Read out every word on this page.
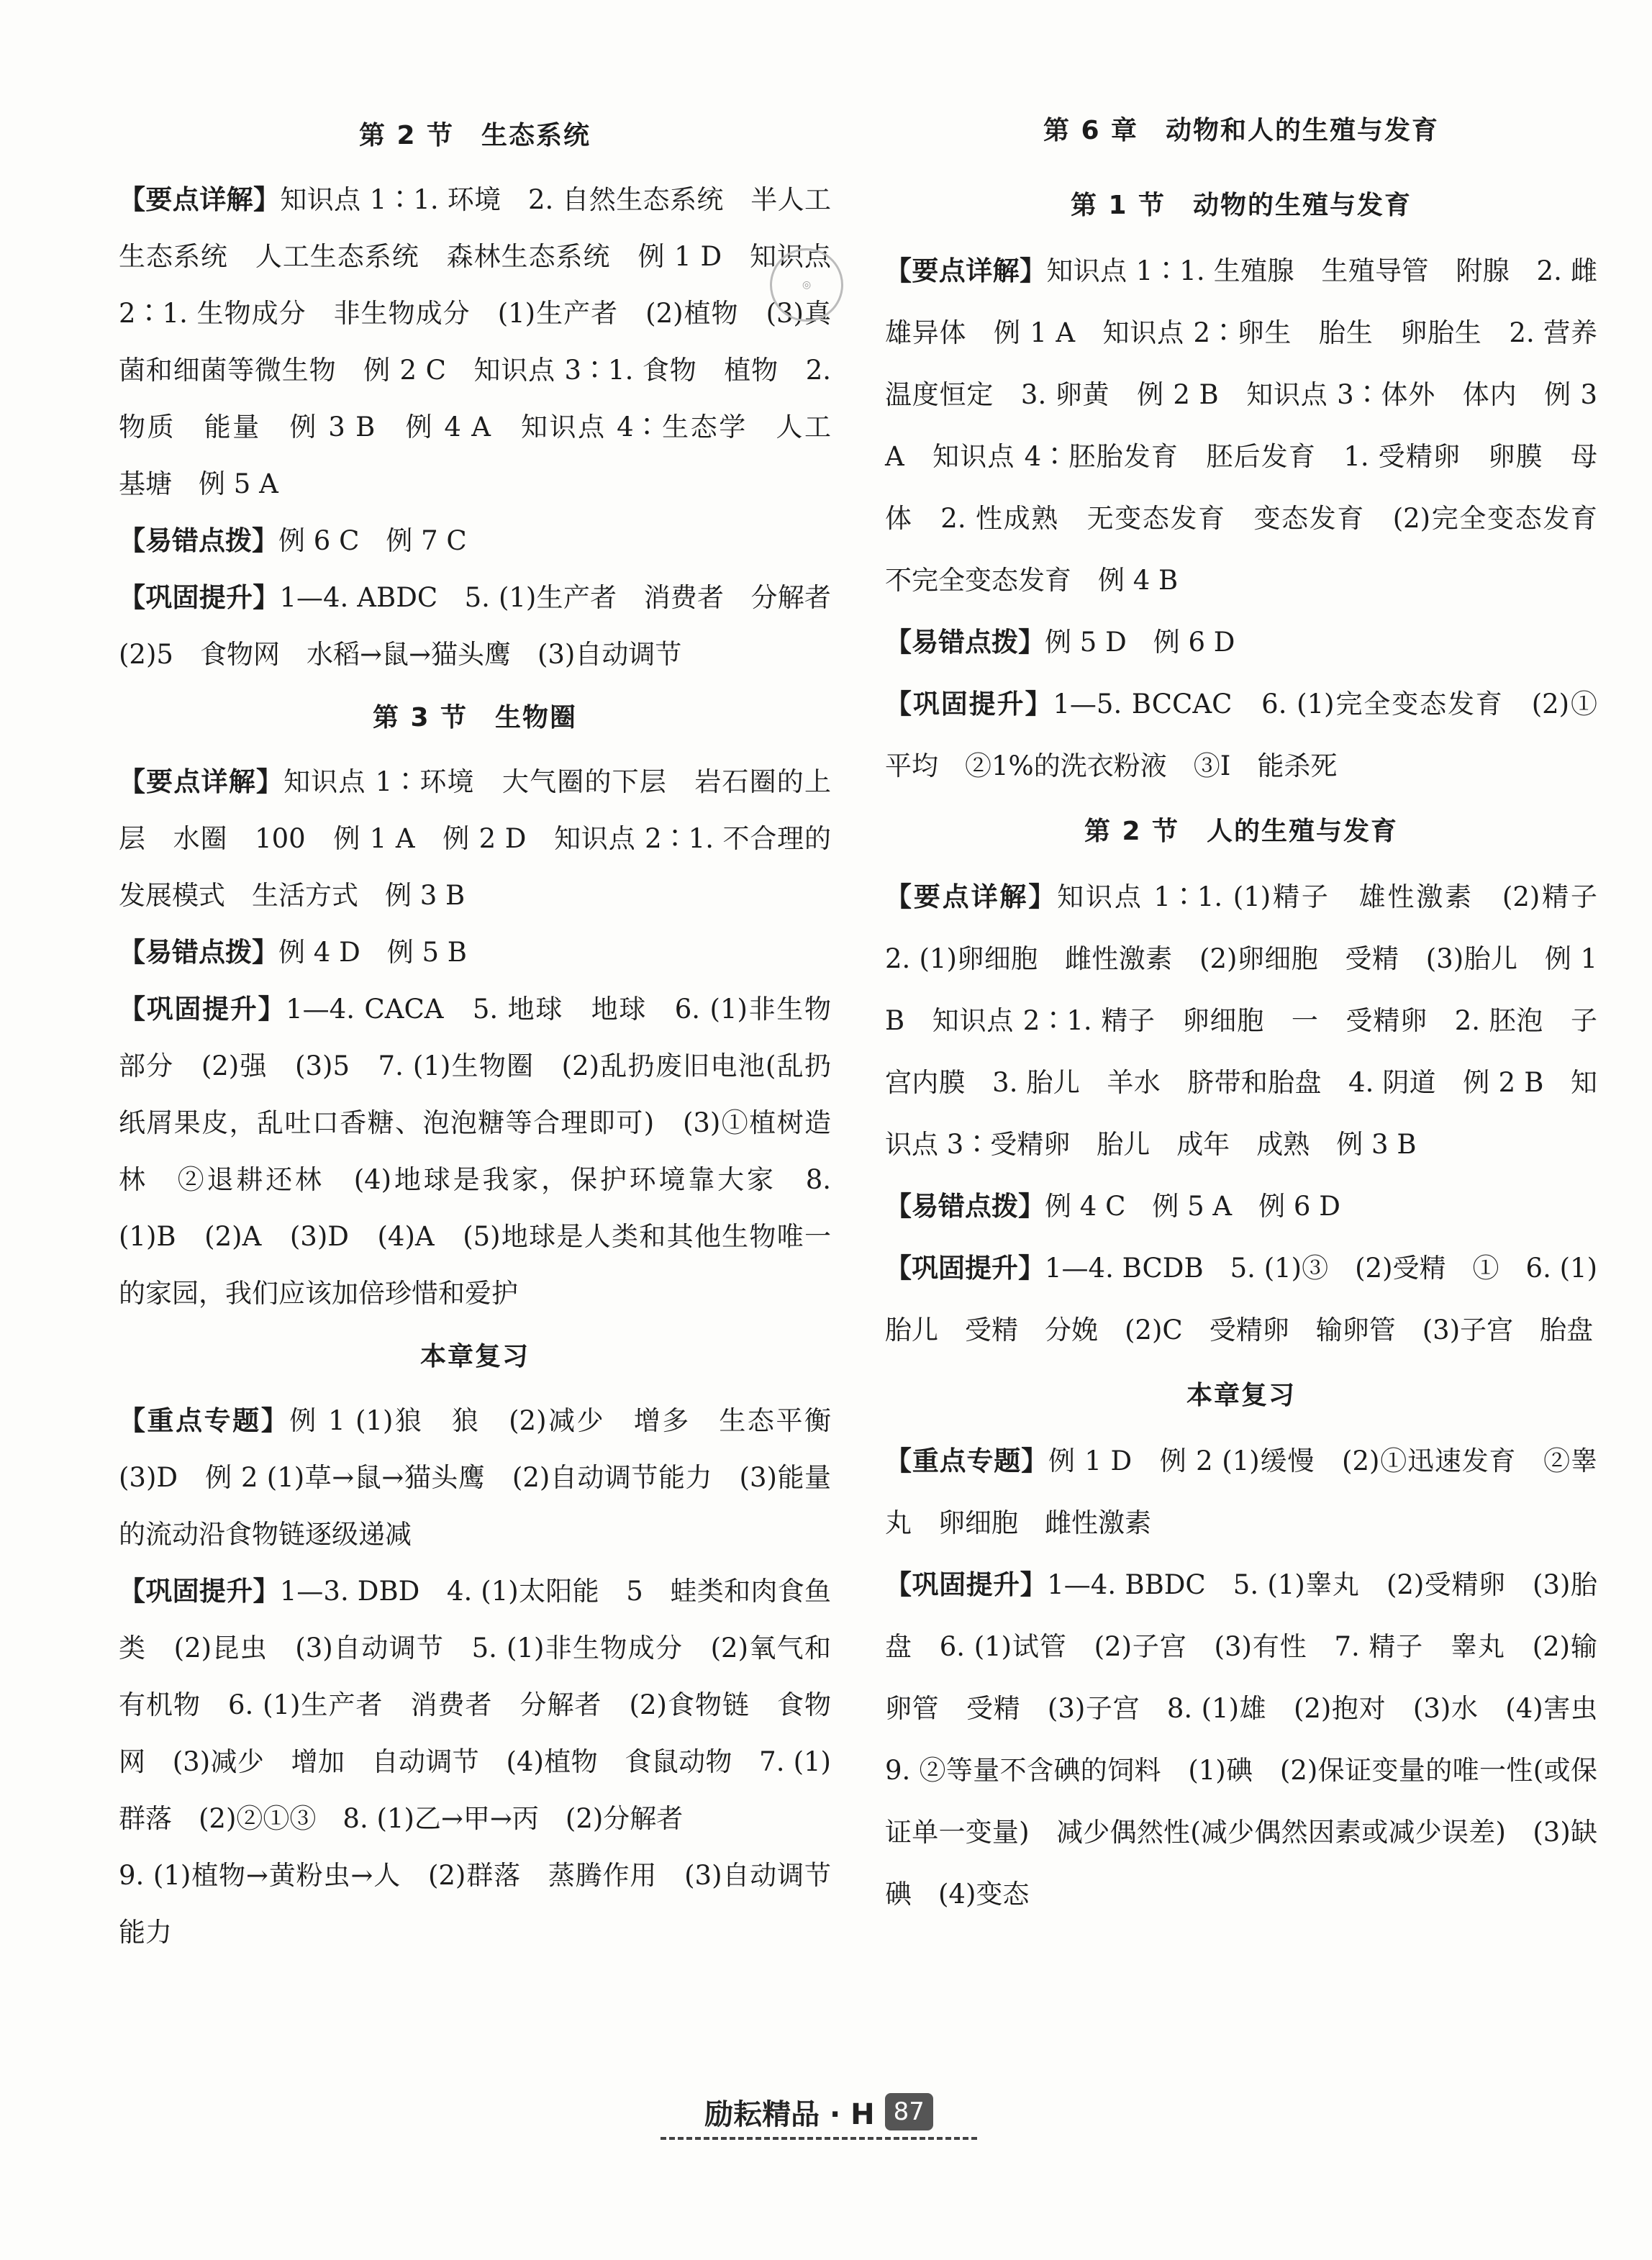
第 2 节　生态系统

【要点详解】知识点 1∶1. 环境　2. 自然生态系统　半人工生态系统　人工生态系统　森林生态系统　例 1 D　知识点 2∶1. 生物成分　非生物成分　(1)生产者　(2)植物　(3)真菌和细菌等微生物　例 2 C　知识点 3∶1. 食物　植物　2. 物质　能量　例 3 B　例 4 A　知识点 4∶生态学　人工　基塘　例 5 A

【易错点拨】例 6 C　例 7 C

【巩固提升】1—4. ABDC　5. (1)生产者　消费者　分解者　(2)5　食物网　水稻→鼠→猫头鹰　(3)自动调节

第 3 节　生物圈

【要点详解】知识点 1∶环境　大气圈的下层　岩石圈的上层　水圈　100　例 1 A　例 2 D　知识点 2∶1. 不合理的发展模式　生活方式　例 3 B

【易错点拨】例 4 D　例 5 B

【巩固提升】1—4. CACA　5. 地球　地球　6. (1)非生物部分　(2)强　(3)5　7. (1)生物圈　(2)乱扔废旧电池(乱扔纸屑果皮，乱吐口香糖、泡泡糖等合理即可)　(3)①植树造林　②退耕还林　(4)地球是我家，保护环境靠大家　8. (1)B　(2)A　(3)D　(4)A　(5)地球是人类和其他生物唯一的家园，我们应该加倍珍惜和爱护

本章复习

【重点专题】例 1 (1)狼　狼　(2)减少　增多　生态平衡　(3)D　例 2 (1)草→鼠→猫头鹰　(2)自动调节能力　(3)能量的流动沿食物链逐级递减

【巩固提升】1—3. DBD　4. (1)太阳能　5　蛙类和肉食鱼类　(2)昆虫　(3)自动调节　5. (1)非生物成分　(2)氧气和有机物　6. (1)生产者　消费者　分解者　(2)食物链　食物网　(3)减少　增加　自动调节　(4)植物　食鼠动物　7. (1)群落　(2)②①③　8. (1)乙→甲→丙　(2)分解者

9. (1)植物→黄粉虫→人　(2)群落　蒸腾作用　(3)自动调节能力

第 6 章　动物和人的生殖与发育
第 1 节　动物的生殖与发育

【要点详解】知识点 1∶1. 生殖腺　生殖导管　附腺　2. 雌雄异体　例 1 A　知识点 2∶卵生　胎生　卵胎生　2. 营养　温度恒定　3. 卵黄　例 2 B　知识点 3∶体外　体内　例 3 A　知识点 4∶胚胎发育　胚后发育　1. 受精卵　卵膜　母体　2. 性成熟　无变态发育　变态发育　(2)完全变态发育　不完全变态发育　例 4 B

【易错点拨】例 5 D　例 6 D

【巩固提升】1—5. BCCAC　6. (1)完全变态发育　(2)①平均　②1%的洗衣粉液　③Ⅰ　能杀死

第 2 节　人的生殖与发育

【要点详解】知识点 1∶1. (1)精子　雄性激素　(2)精子　2. (1)卵细胞　雌性激素　(2)卵细胞　受精　(3)胎儿　例 1 B　知识点 2∶1. 精子　卵细胞　一　受精卵　2. 胚泡　子宫内膜　3. 胎儿　羊水　脐带和胎盘　4. 阴道　例 2 B　知识点 3∶受精卵　胎儿　成年　成熟　例 3 B

【易错点拨】例 4 C　例 5 A　例 6 D

【巩固提升】1—4. BCDB　5. (1)③　(2)受精　①　6. (1)胎儿　受精　分娩　(2)C　受精卵　输卵管　(3)子宫　胎盘

本章复习

【重点专题】例 1 D　例 2 (1)缓慢　(2)①迅速发育　②睾丸　卵细胞　雌性激素

【巩固提升】1—4. BBDC　5. (1)睾丸　(2)受精卵　(3)胎盘　6. (1)试管　(2)子宫　(3)有性　7. 精子　睾丸　(2)输卵管　受精　(3)子宫　8. (1)雄　(2)抱对　(3)水　(4)害虫　9. ②等量不含碘的饲料　(1)碘　(2)保证变量的唯一性(或保证单一变量)　减少偶然性(减少偶然因素或减少误差)　(3)缺碘　(4)变态

◎
励耘精品 · H 87
